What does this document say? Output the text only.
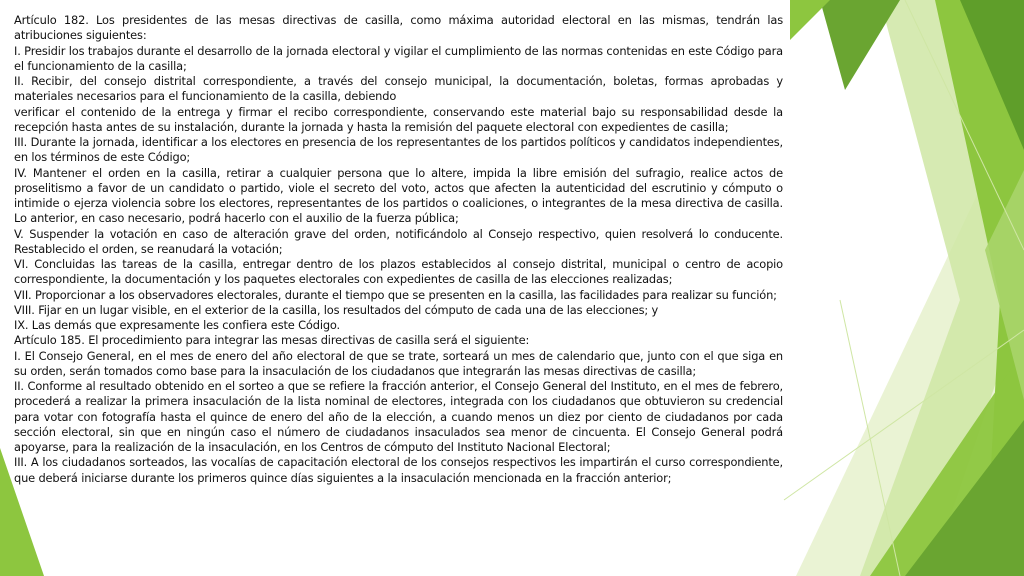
Artículo 182. Los presidentes de las mesas directivas de casilla, como máxima autoridad electoral en las mismas, tendrán las atribuciones siguientes:

I. Presidir los trabajos durante el desarrollo de la jornada electoral y vigilar el cumplimiento de las normas contenidas en este Código para el funcionamiento de la casilla;

II. Recibir, del consejo distrital correspondiente, a través del consejo municipal, la documentación, boletas, formas aprobadas y materiales necesarios para el funcionamiento de la casilla, debiendo

verificar el contenido de la entrega y firmar el recibo correspondiente, conservando este material bajo su responsabilidad desde la recepción hasta antes de su instalación, durante la jornada y hasta la remisión del paquete electoral con expedientes de casilla;

III. Durante la jornada, identificar a los electores en presencia de los representantes de los partidos políticos y candidatos independientes, en los términos de este Código;

IV. Mantener el orden en la casilla, retirar a cualquier persona que lo altere, impida la libre emisión del sufragio, realice actos de proselitismo a favor de un candidato o partido, viole el secreto del voto, actos que afecten la autenticidad del escrutinio y cómputo o intimide o ejerza violencia sobre los electores, representantes de los partidos o coaliciones, o integrantes de la mesa directiva de casilla. Lo anterior, en caso necesario, podrá hacerlo con el auxilio de la fuerza pública;

V. Suspender la votación en caso de alteración grave del orden, notificándolo al Consejo respectivo, quien resolverá lo conducente. Restablecido el orden, se reanudará la votación;

VI. Concluidas las tareas de la casilla, entregar dentro de los plazos establecidos al consejo distrital, municipal o centro de acopio correspondiente, la documentación y los paquetes electorales con expedientes de casilla de las elecciones realizadas;

VII. Proporcionar a los observadores electorales, durante el tiempo que se presenten en la casilla, las facilidades para realizar su función;

VIII. Fijar en un lugar visible, en el exterior de la casilla, los resultados del cómputo de cada una de las elecciones; y

IX. Las demás que expresamente les confiera este Código.

Artículo 185. El procedimiento para integrar las mesas directivas de casilla será el siguiente:

I. El Consejo General, en el mes de enero del año electoral de que se trate, sorteará un mes de calendario que, junto con el que siga en su orden, serán tomados como base para la insaculación de los ciudadanos que integrarán las mesas directivas de casilla;

II. Conforme al resultado obtenido en el sorteo a que se refiere la fracción anterior, el Consejo General del Instituto, en el mes de febrero, procederá a realizar la primera insaculación de la lista nominal de electores, integrada con los ciudadanos que obtuvieron su credencial para votar con fotografía hasta el quince de enero del año de la elección, a cuando menos un diez por ciento de ciudadanos por cada sección electoral, sin que en ningún caso el número de ciudadanos insaculados sea menor de cincuenta. El Consejo General podrá apoyarse, para la realización de la insaculación, en los Centros de cómputo del Instituto Nacional Electoral;

III. A los ciudadanos sorteados, las vocalías de capacitación electoral de los consejos respectivos les impartirán el curso correspondiente, que deberá iniciarse durante los primeros quince días siguientes a la insaculación mencionada en la fracción anterior;
